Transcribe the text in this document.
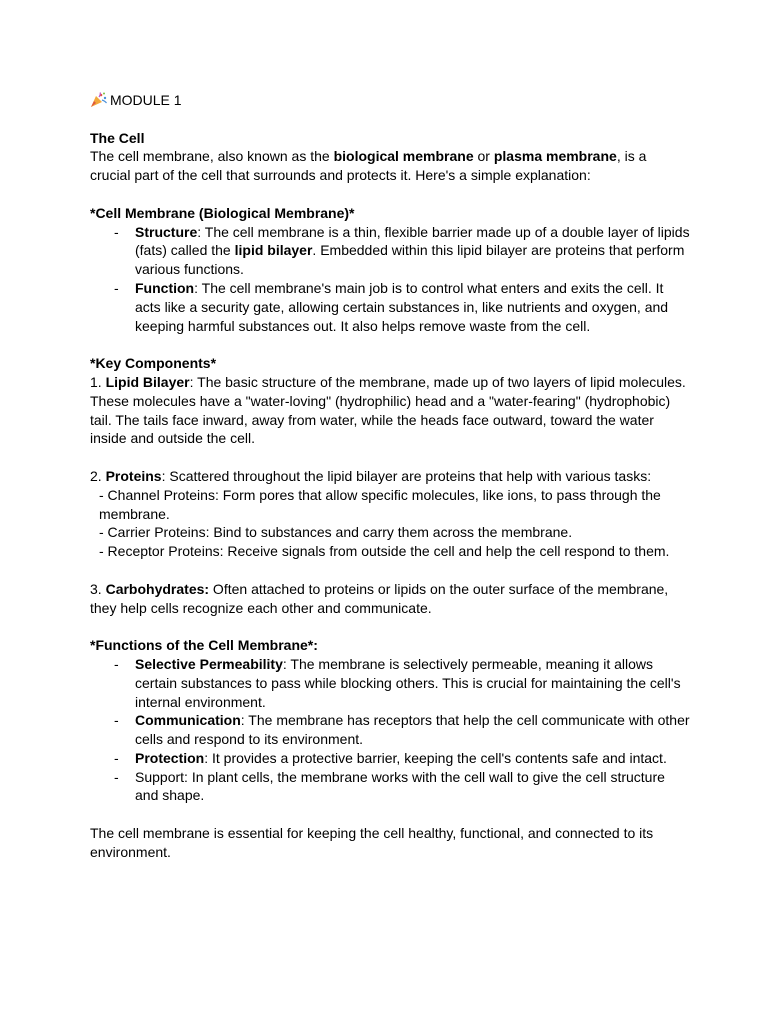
MODULE 1

The Cell

The cell membrane, also known as the biological membrane or plasma membrane, is a crucial part of the cell that surrounds and protects it. Here's a simple explanation:

*Cell Membrane (Biological Membrane)*

- Structure: The cell membrane is a thin, flexible barrier made up of a double layer of lipids (fats) called the lipid bilayer. Embedded within this lipid bilayer are proteins that perform various functions.
- Function: The cell membrane's main job is to control what enters and exits the cell. It acts like a security gate, allowing certain substances in, like nutrients and oxygen, and keeping harmful substances out. It also helps remove waste from the cell.

*Key Components*

1. Lipid Bilayer: The basic structure of the membrane, made up of two layers of lipid molecules. These molecules have a "water-loving" (hydrophilic) head and a "water-fearing" (hydrophobic) tail. The tails face inward, away from water, while the heads face outward, toward the water inside and outside the cell.

2. Proteins: Scattered throughout the lipid bilayer are proteins that help with various tasks:

- Channel Proteins: Form pores that allow specific molecules, like ions, to pass through the membrane.

- Carrier Proteins: Bind to substances and carry them across the membrane.

- Receptor Proteins: Receive signals from outside the cell and help the cell respond to them.

3. Carbohydrates: Often attached to proteins or lipids on the outer surface of the membrane, they help cells recognize each other and communicate.

*Functions of the Cell Membrane*:

- Selective Permeability: The membrane is selectively permeable, meaning it allows certain substances to pass while blocking others. This is crucial for maintaining the cell's internal environment.
- Communication: The membrane has receptors that help the cell communicate with other cells and respond to its environment.
- Protection: It provides a protective barrier, keeping the cell's contents safe and intact.
- Support: In plant cells, the membrane works with the cell wall to give the cell structure and shape.

The cell membrane is essential for keeping the cell healthy, functional, and connected to its environment.
